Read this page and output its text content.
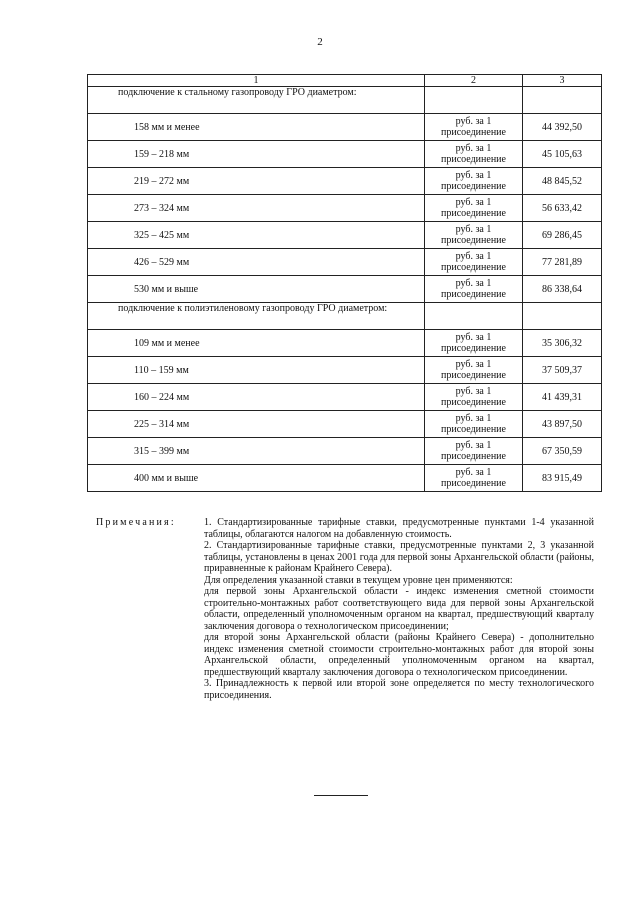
2
1	2	3
подключение к стальному газопроводу ГРО диаметром:		
158 мм и менее	руб. за 1 присоединение	44 392,50
159 – 218 мм	руб. за 1 присоединение	45 105,63
219 – 272 мм	руб. за 1 присоединение	48 845,52
273 – 324 мм	руб. за 1 присоединение	56 633,42
325 – 425 мм	руб. за 1 присоединение	69 286,45
426 – 529 мм	руб. за 1 присоединение	77 281,89
530 мм и выше	руб. за 1 присоединение	86 338,64
подключение к полиэтиленовому газопроводу ГРО диаметром:		
109 мм и менее	руб. за 1 присоединение	35 306,32
110 – 159 мм	руб. за 1 присоединение	37 509,37
160 – 224 мм	руб. за 1 присоединение	41 439,31
225 – 314 мм	руб. за 1 присоединение	43 897,50
315 – 399 мм	руб. за 1 присоединение	67 350,59
400 мм и выше	руб. за 1 присоединение	83 915,49
Примечания:	1. Стандартизированные тарифные ставки, предусмотренные пунктами 1-4 указанной таблицы, облагаются налогом на добавленную стоимость.

2. Стандартизированные тарифные ставки, предусмотренные пунктами 2, 3 указанной таблицы, установлены в ценах 2001 года для первой зоны Архангельской области (районы, приравненные к районам Крайнего Севера).

Для определения указанной ставки в текущем уровне цен применяются:

для первой зоны Архангельской области - индекс изменения сметной стоимости строительно-монтажных работ соответствующего вида для первой зоны Архангельской области, определенный уполномоченным органом на квартал, предшествующий кварталу заключения договора о технологическом присоединении;

для второй зоны Архангельской области (районы Крайнего Севера) - дополнительно индекс изменения сметной стоимости строительно-монтажных работ для второй зоны Архангельской области, определенный уполномоченным органом на квартал, предшествующий кварталу заключения договора о технологическом присоединении.

3. Принадлежность к первой или второй зоне определяется по месту технологического присоединения.
